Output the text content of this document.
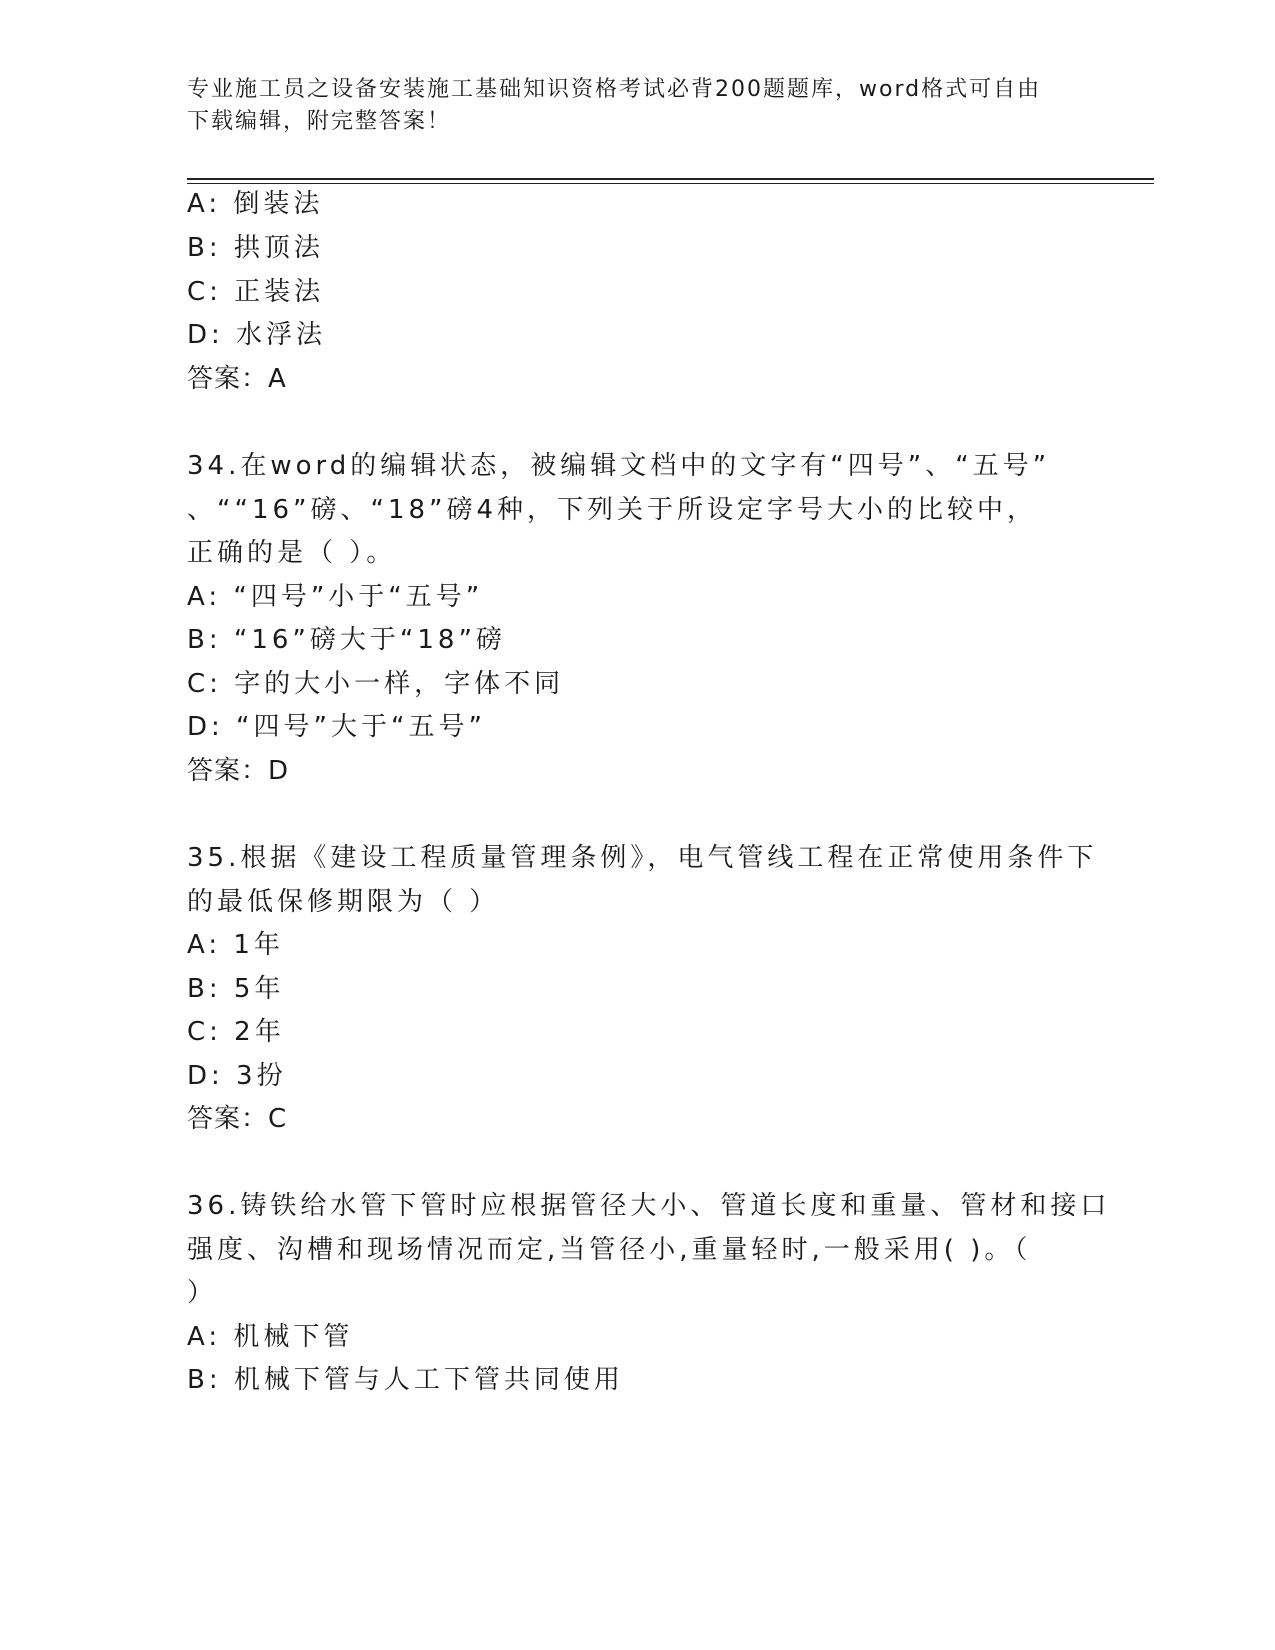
专业施工员之设备安装施工基础知识资格考试必背200题题库，word格式可自由
下载编辑，附完整答案！
A: 倒装法
B: 拱顶法
C: 正装法
D: 水浮法
答案：A
34.在word的编辑状态，被编辑文档中的文字有“四号”、“五号”
、““16”磅、“18”磅4种，下列关于所设定字号大小的比较中，
正确的是（ ）。
A: “四号”小于“五号”
B: “16”磅大于“18”磅
C: 字的大小一样，字体不同
D: “四号”大于“五号”
答案：D
35.根据《建设工程质量管理条例》，电气管线工程在正常使用条件下
的最低保修期限为（ ）
A: 1年
B: 5年
C: 2年
D: 3扮
答案：C
36.铸铁给水管下管时应根据管径大小、管道长度和重量、管材和接口
强度、沟槽和现场情况而定,当管径小,重量轻时,一般采用( )。（
）
A: 机械下管
B: 机械下管与人工下管共同使用
